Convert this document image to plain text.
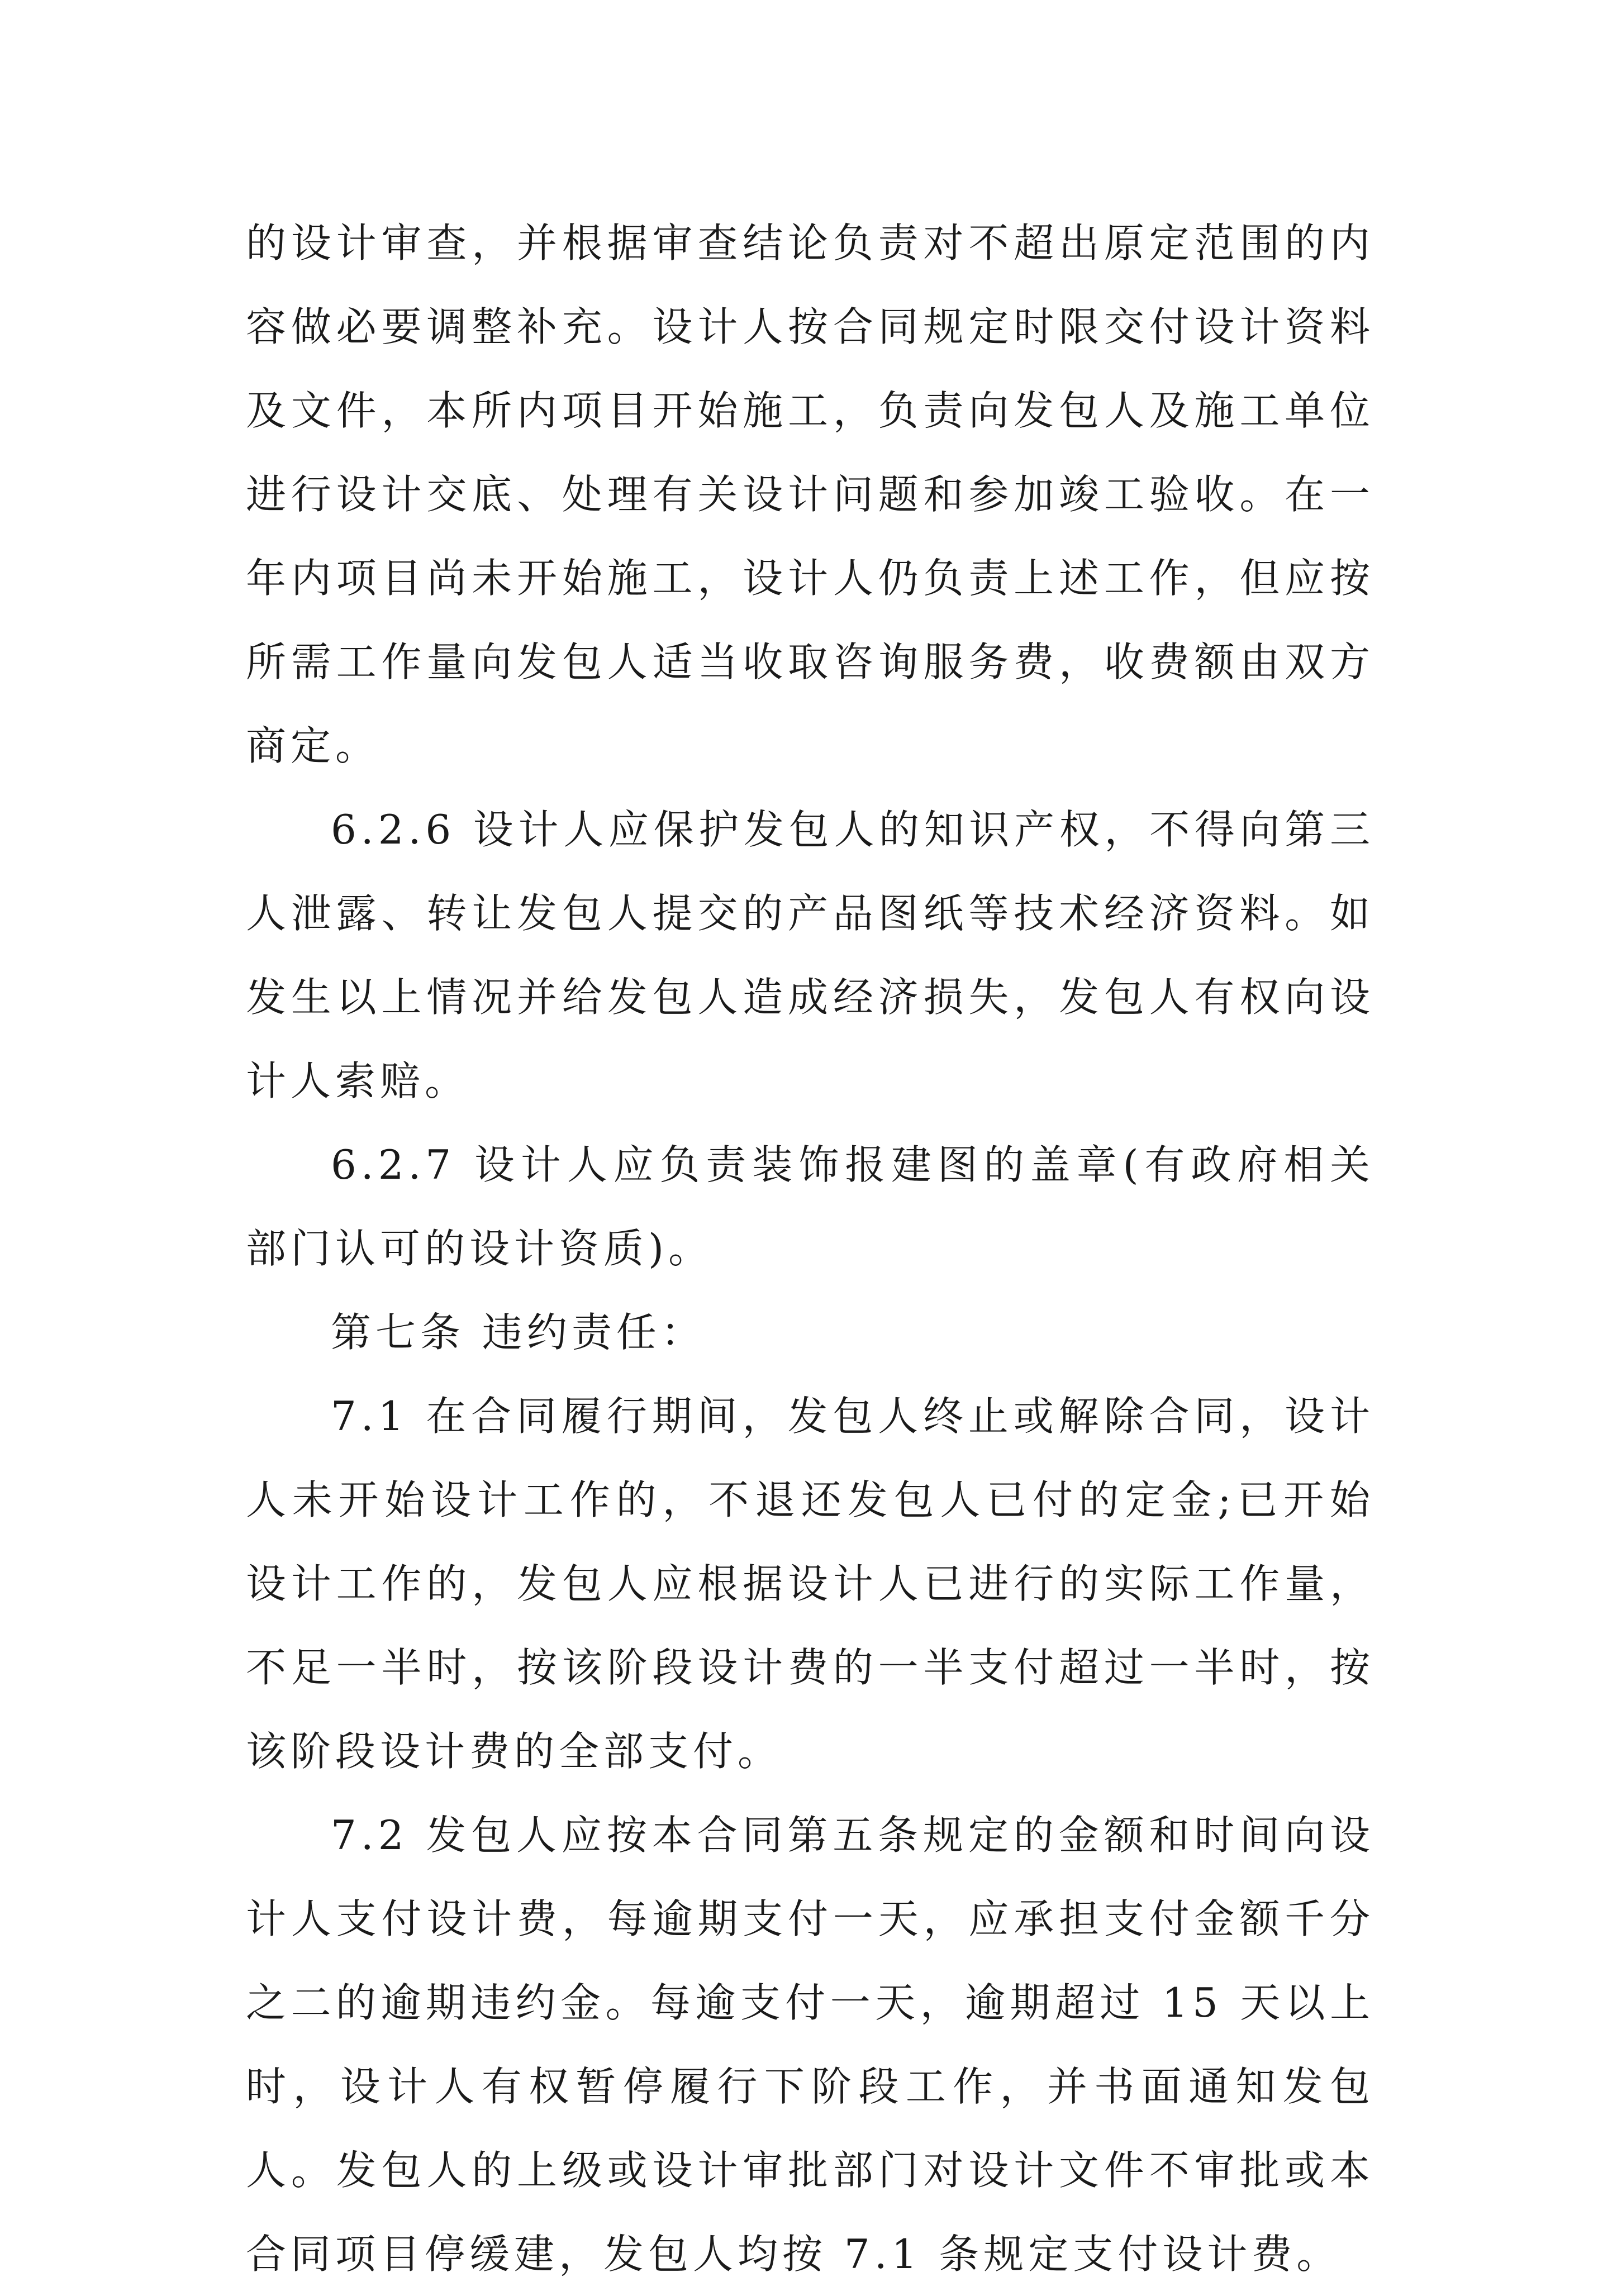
的设计审查，并根据审查结论负责对不超出原定范围的内容做必要调整补充。设计人按合同规定时限交付设计资料及文件，本所内项目开始施工，负责向发包人及施工单位进行设计交底、处理有关设计问题和参加竣工验收。在一年内项目尚未开始施工，设计人仍负责上述工作，但应按所需工作量向发包人适当收取咨询服务费，收费额由双方商定。

6.2.6 设计人应保护发包人的知识产权，不得向第三人泄露、转让发包人提交的产品图纸等技术经济资料。如发生以上情况并给发包人造成经济损失，发包人有权向设计人索赔。

6.2.7 设计人应负责装饰报建图的盖章(有政府相关部门认可的设计资质)。

第七条 违约责任：

7.1 在合同履行期间，发包人终止或解除合同，设计人未开始设计工作的，不退还发包人已付的定金;已开始设计工作的，发包人应根据设计人已进行的实际工作量，不足一半时，按该阶段设计费的一半支付超过一半时，按该阶段设计费的全部支付。

7.2 发包人应按本合同第五条规定的金额和时间向设计人支付设计费，每逾期支付一天，应承担支付金额千分之二的逾期违约金。每逾支付一天，逾期超过 15 天以上时，设计人有权暂停履行下阶段工作，并书面通知发包人。发包人的上级或设计审批部门对设计文件不审批或本合同项目停缓建，发包人均按 7.1 条规定支付设计费。
